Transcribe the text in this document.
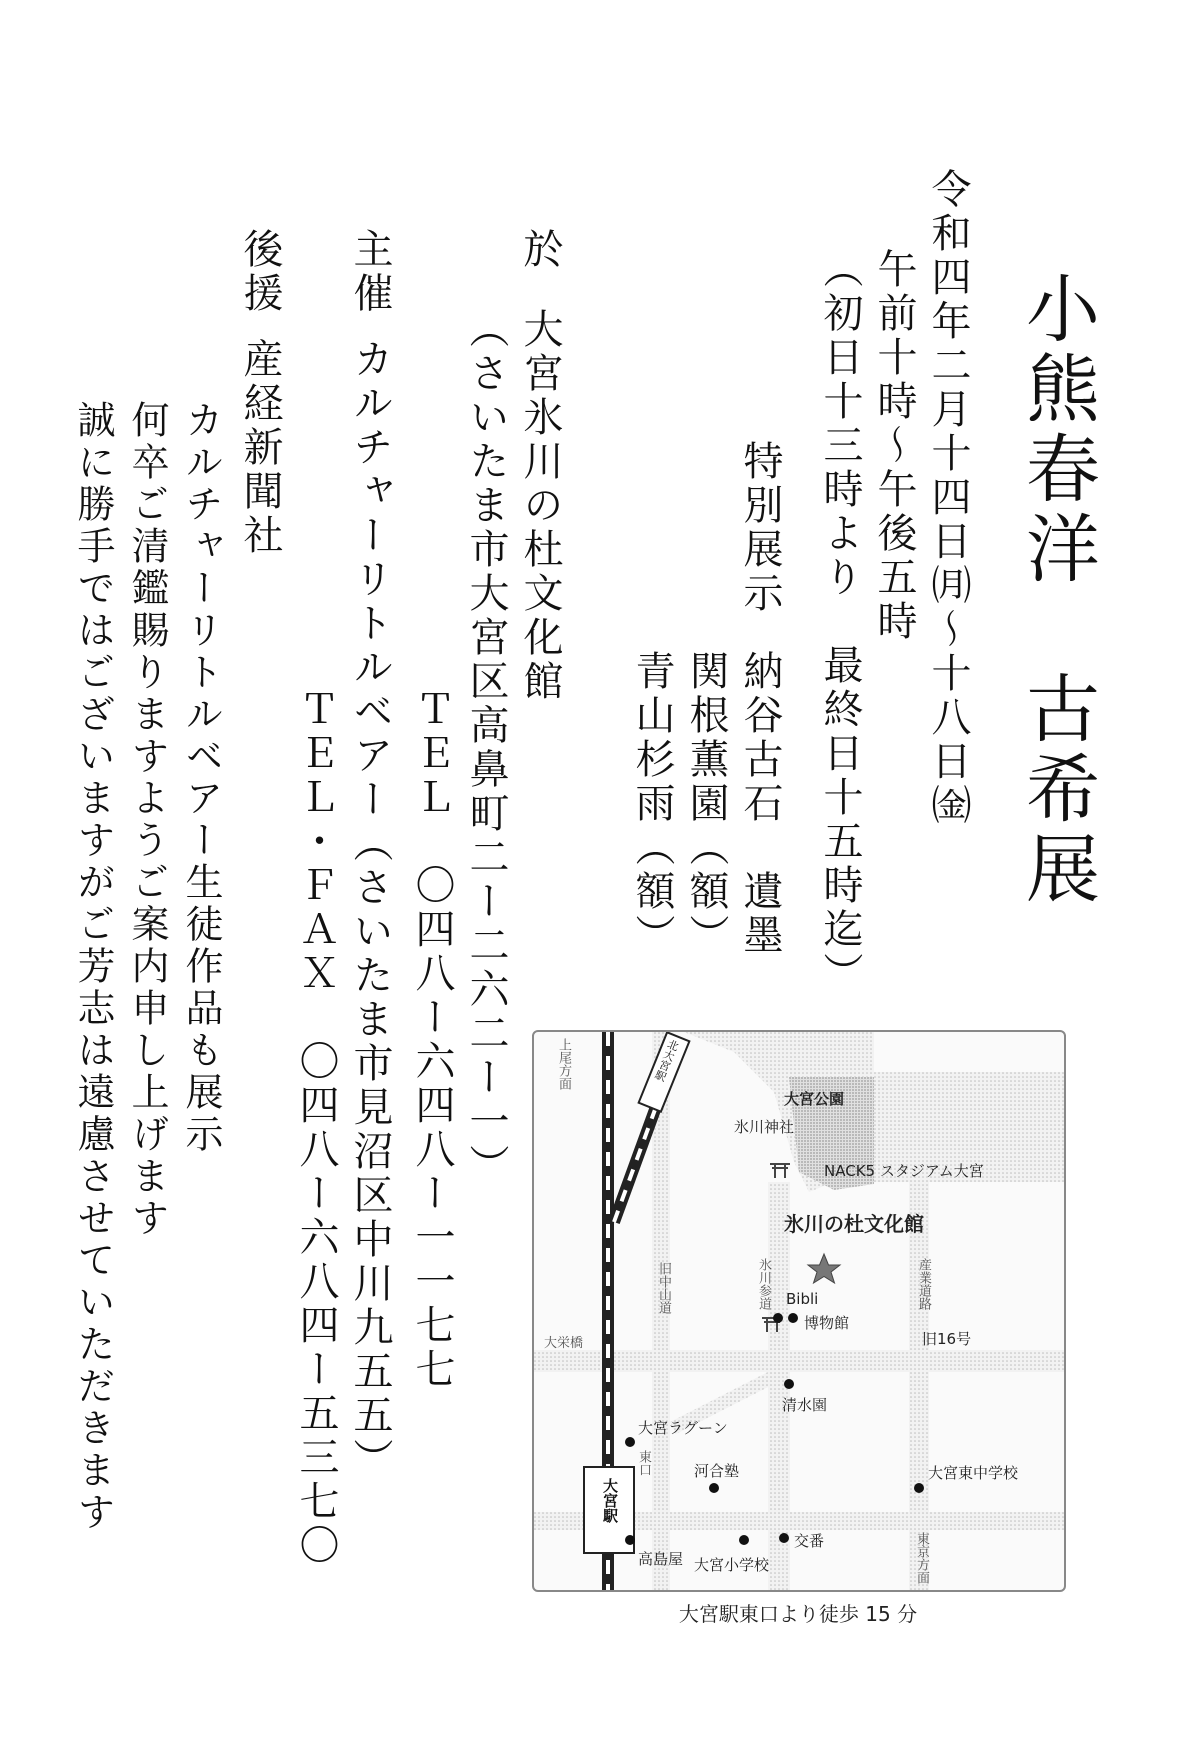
小熊春洋　古希展
令和四年二月十四日㈪～十八日㈮
午前十時～午後五時
（初日十三時より　最終日十五時迄）
特別展示
納谷古石　遺墨
関根薫園（額）
青山杉雨（額）
於
大宮氷川の杜文化館
（さいたま市大宮区高鼻町二ー二六二ー一）
ＴＥＬ　〇四八ー六四八ー一一七七
主催
カルチャーリトルベアー（さいたま市見沼区中川九五五）
ＴＥＬ・ＦＡＸ　〇四八ー六八四ー五三七〇
後援
産経新聞社
カルチャーリトルベアー生徒作品も展示
何卒ご清鑑賜りますようご案内申し上げます
誠に勝手ではございますがご芳志は遠慮させていただきます	大宮公園
氷川神社
NACK5 スタジアム大宮
氷川の杜文化館
Bibli
博物館
清水園
大宮ラグーン
河合塾	大宮東中学校
高島屋 大宮小学校
交番
旧16号
大栄橋
大宮駅
上尾方面
旧中山道	氷川参道	産業道路
東口
東京方面
北大宮駅
大宮駅東口より徒歩 15 分
